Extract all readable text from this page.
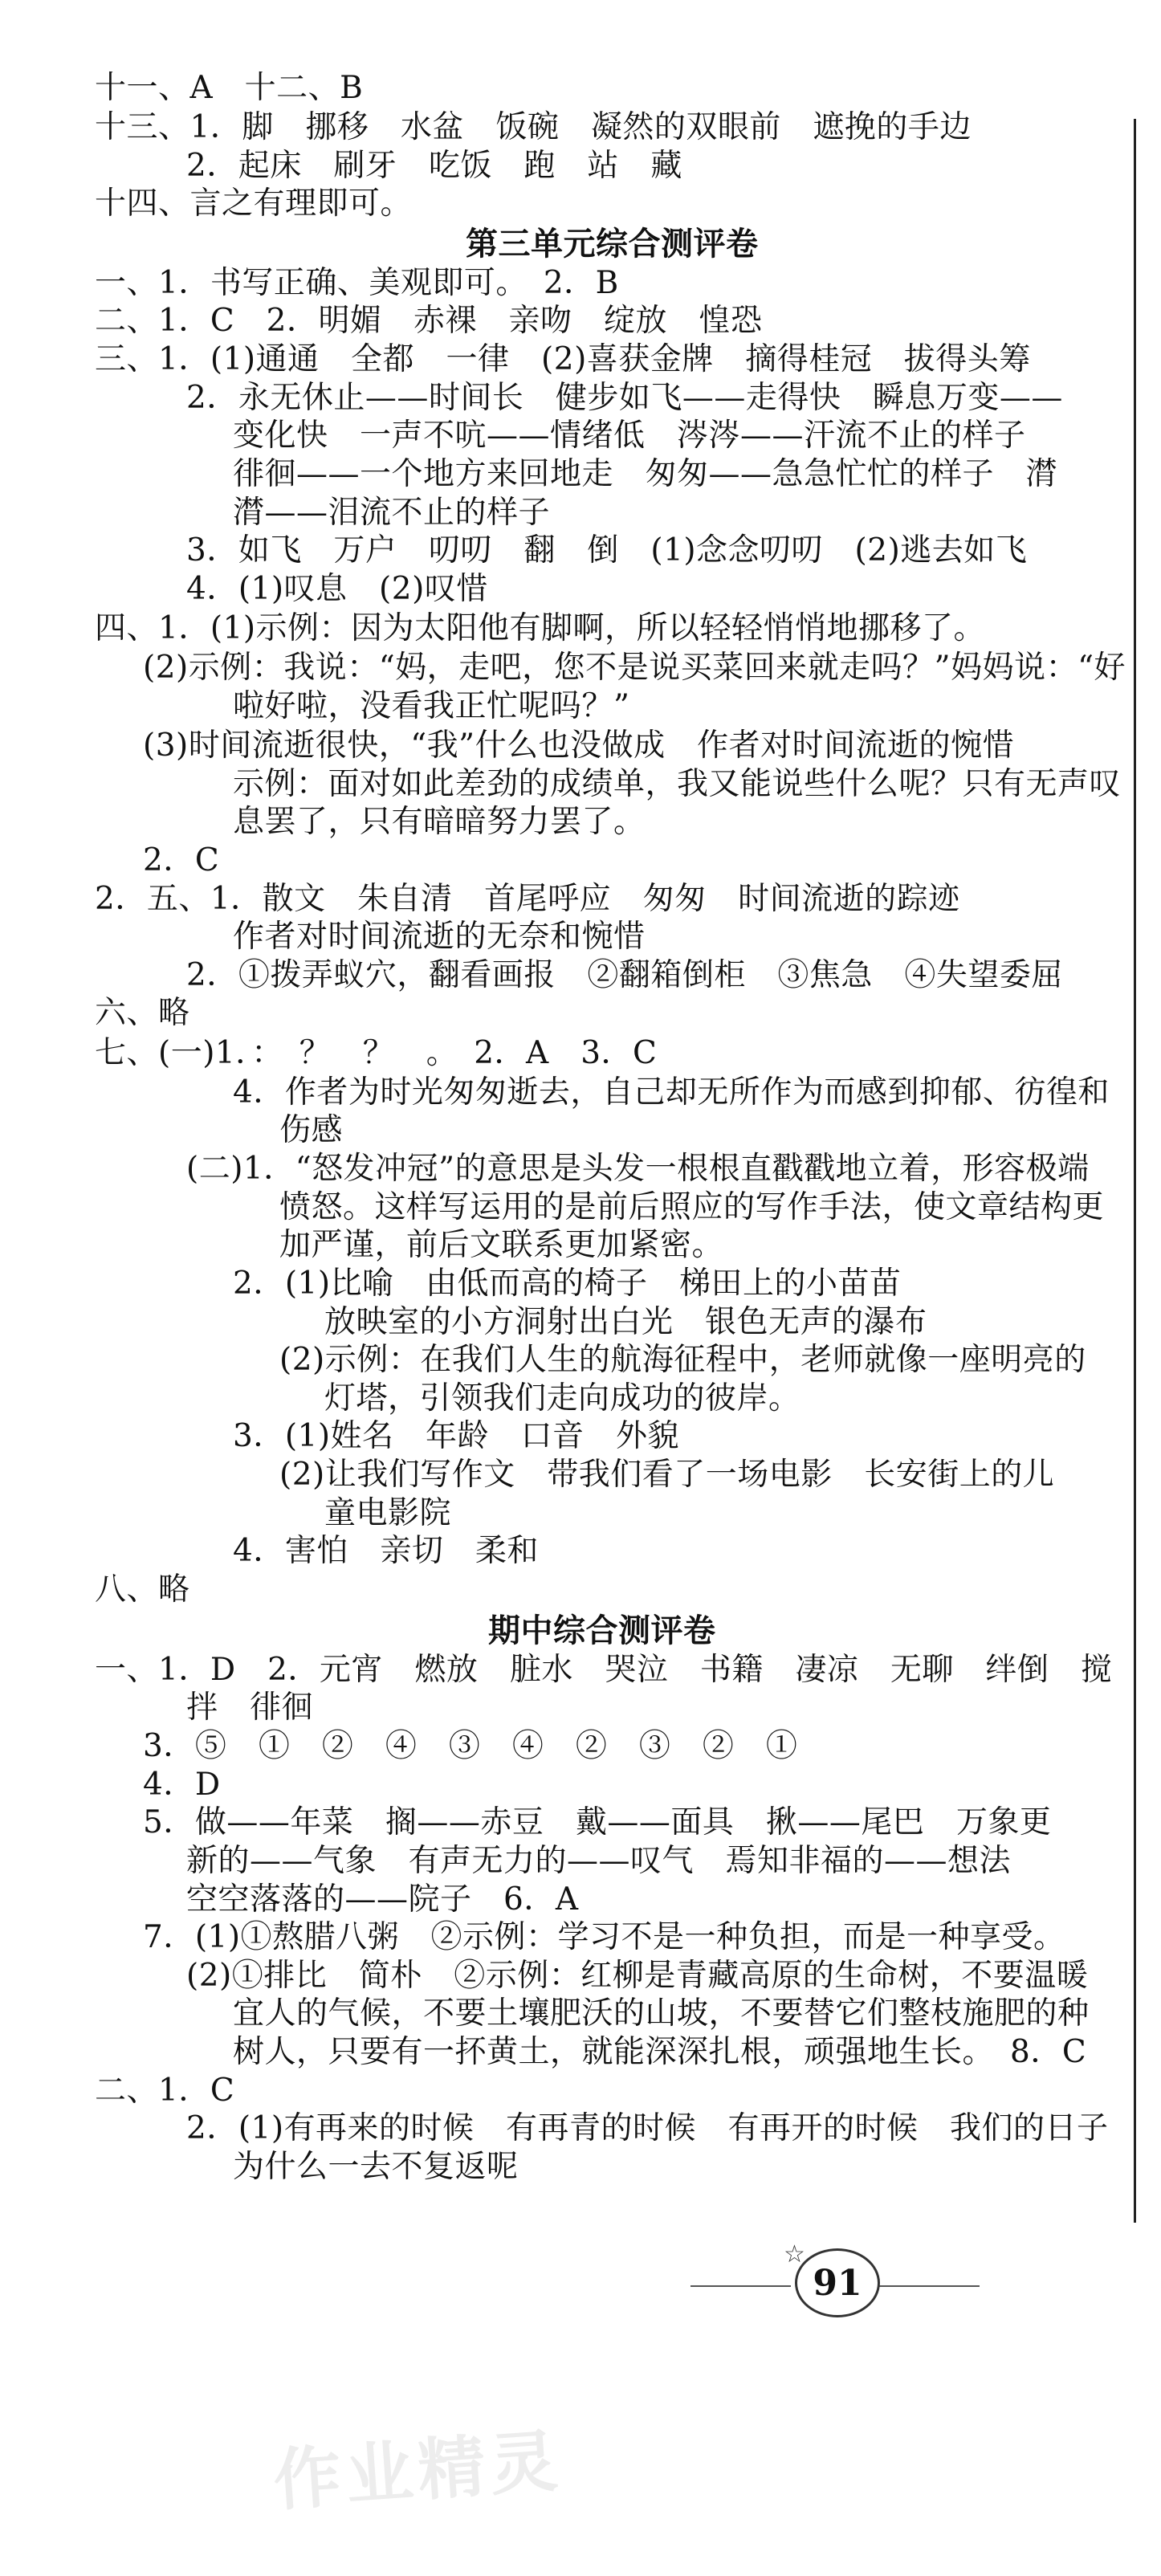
十一、A　十二、B
十三、1．脚　挪移　水盆　饭碗　凝然的双眼前　遮挽的手边
2．起床　刷牙　吃饭　跑　站　藏
十四、言之有理即可。
第三单元综合测评卷
一、1．书写正确、美观即可。　2．B
二、1．C　2．明媚　赤裸　亲吻　绽放　惶恐
三、1．(1)通通　全都　一律　(2)喜获金牌　摘得桂冠　拔得头筹
2．永无休止——时间长　健步如飞——走得快　瞬息万变——
变化快　一声不吭——情绪低　涔涔——汗流不止的样子
徘徊——一个地方来回地走　匆匆——急急忙忙的样子　潸
潸——泪流不止的样子
3．如飞　万户　叨叨　翻　倒　(1)念念叨叨　(2)逃去如飞
4．(1)叹息　(2)叹惜
四、1．(1)示例：因为太阳他有脚啊，所以轻轻悄悄地挪移了。
(2)示例：我说：“妈，走吧，您不是说买菜回来就走吗？”妈妈说：“好
啦好啦，没看我正忙呢吗？”
(3)时间流逝很快，“我”什么也没做成　作者对时间流逝的惋惜
示例：面对如此差劲的成绩单，我又能说些什么呢？只有无声叹
息罢了，只有暗暗努力罢了。
2．C
2．五、1．散文　朱自清　首尾呼应　匆匆　时间流逝的踪迹
作者对时间流逝的无奈和惋惜
2．①拨弄蚁穴，翻看画报　②翻箱倒柜　③焦急　④失望委屈
六、略
七、(一)1．：　？　？　。　2．A　3．C
4．作者为时光匆匆逝去，自己却无所作为而感到抑郁、彷徨和
伤感
(二)1．“怒发冲冠”的意思是头发一根根直戳戳地立着，形容极端
愤怒。这样写运用的是前后照应的写作手法，使文章结构更
加严谨，前后文联系更加紧密。
2．(1)比喻　由低而高的椅子　梯田上的小苗苗
放映室的小方洞射出白光　银色无声的瀑布
(2)示例：在我们人生的航海征程中，老师就像一座明亮的
灯塔，引领我们走向成功的彼岸。
3．(1)姓名　年龄　口音　外貌
(2)让我们写作文　带我们看了一场电影　长安街上的儿
童电影院
4．害怕　亲切　柔和
八、略
期中综合测评卷
一、1．D　2．元宵　燃放　脏水　哭泣　书籍　凄凉　无聊　绊倒　搅
拌　徘徊
3．⑤　①　②　④　③　④　②　③　②　①
4．D
5．做——年菜　搁——赤豆　戴——面具　揪——尾巴　万象更
新的——气象　有声无力的——叹气　焉知非福的——想法
空空落落的——院子　6．A
7．(1)①熬腊八粥　②示例：学习不是一种负担，而是一种享受。
(2)①排比　简朴　②示例：红柳是青藏高原的生命树，不要温暖
宜人的气候，不要土壤肥沃的山坡，不要替它们整枝施肥的种
树人，只要有一抔黄土，就能深深扎根，顽强地生长。　8．C
二、1．C
2．(1)有再来的时候　有再青的时候　有再开的时候　我们的日子
为什么一去不复返呢
☆
91
作业精灵
